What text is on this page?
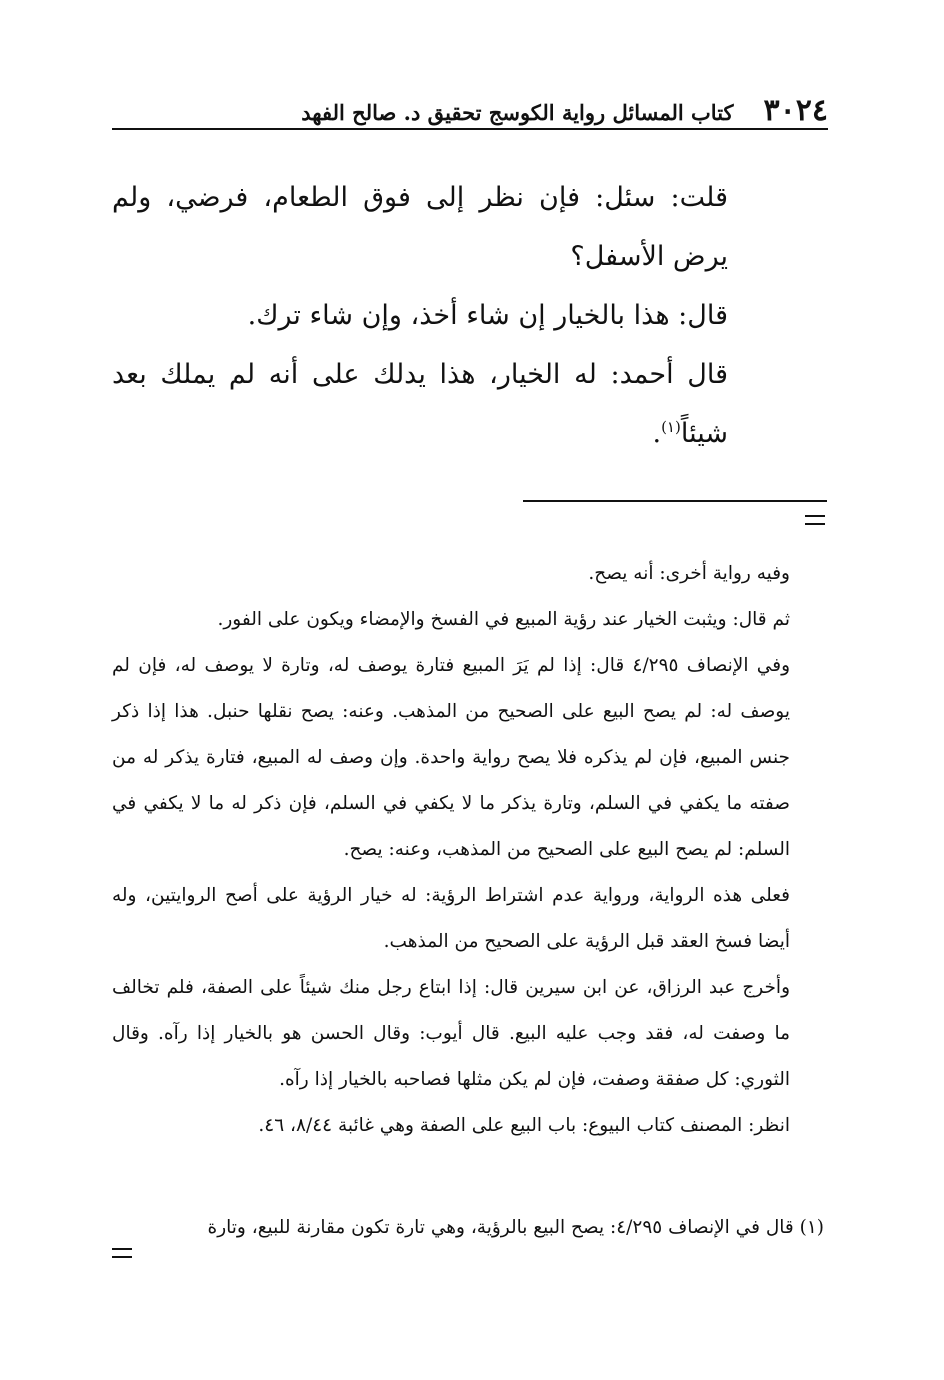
٣٠٢٤
كتاب المسائل رواية الكوسج تحقيق د. صالح الفهد

قلت: سئل: فإن نظر إلى فوق الطعام، فرضي، ولم يرض الأسفل؟

قال: هذا بالخيار إن شاء أخذ، وإن شاء ترك.

قال أحمد: له الخيار، هذا يدلك على أنه لم يملك بعد شيئاً$^{(١)}$.

وفيه رواية أخرى: أنه يصح.

ثم قال: ويثبت الخيار عند رؤية المبيع في الفسخ والإمضاء ويكون على الفور.

وفي الإنصاف ٤/٢٩٥ قال: إذا لم يَرَ المبيع فتارة يوصف له، وتارة لا يوصف له، فإن لم يوصف له: لم يصح البيع على الصحيح من المذهب. وعنه: يصح نقلها حنبل. هذا إذا ذكر جنس المبيع، فإن لم يذكره فلا يصح رواية واحدة. وإن وصف له المبيع، فتارة يذكر له من صفته ما يكفي في السلم، وتارة يذكر ما لا يكفي في السلم، فإن ذكر له ما لا يكفي في السلم: لم يصح البيع على الصحيح من المذهب، وعنه: يصح.

فعلى هذه الرواية، ورواية عدم اشتراط الرؤية: له خيار الرؤية على أصح الروايتين، وله أيضا فسخ العقد قبل الرؤية على الصحيح من المذهب.

وأخرج عبد الرزاق، عن ابن سيرين قال: إذا ابتاع رجل منك شيئاً على الصفة، فلم تخالف ما وصفت له، فقد وجب عليه البيع. قال أيوب: وقال الحسن هو بالخيار إذا رآه. وقال الثوري: كل صفقة وصفت، فإن لم يكن مثلها فصاحبه بالخيار إذا رآه.

انظر: المصنف كتاب البيوع: باب البيع على الصفة وهي غائبة ٨/٤٤، ٤٦.

(١) قال في الإنصاف ٤/٢٩٥: يصح البيع بالرؤية، وهي تارة تكون مقارنة للبيع، وتارة
